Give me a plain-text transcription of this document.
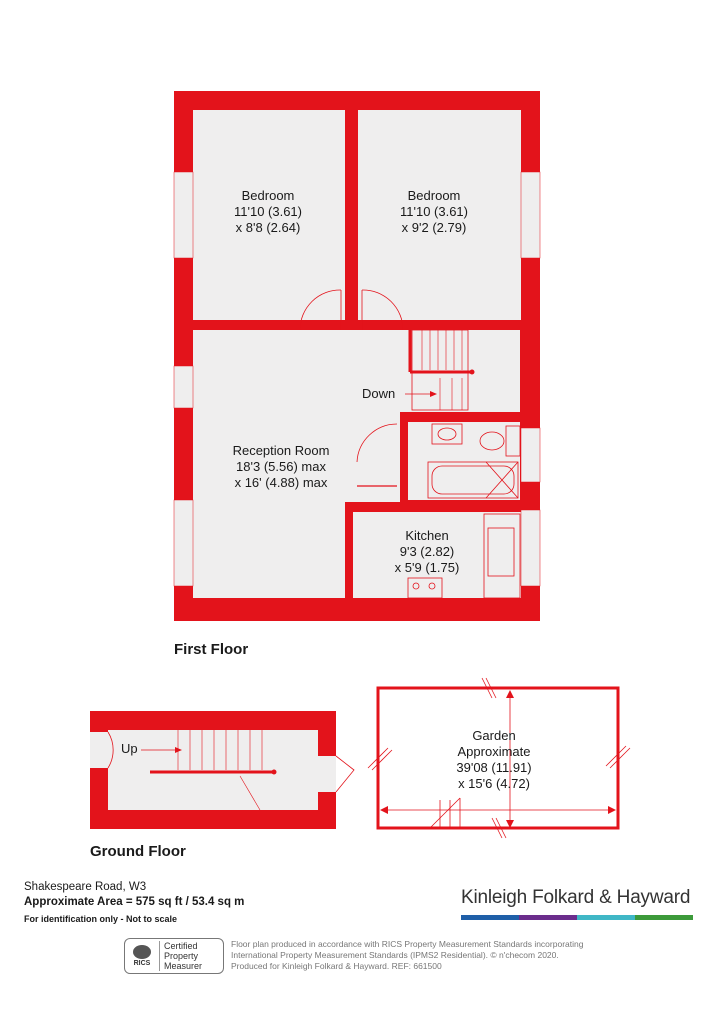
First Floor
Bedroom
11'10 (3.61)
x 8'8 (2.64)
Bedroom
11'10 (3.61)
x 9'2 (2.79)
Reception Room
18'3 (5.56) max
x 16' (4.88) max
Kitchen
9'3 (2.82)
x 5'9 (1.75)
Down
Up
Ground Floor
Garden
Approximate
39'08 (11.91)
x 15'6 (4.72)
Shakespeare Road, W3
Approximate Area = 575 sq ft / 53.4 sq m
For identification only - Not to scale
Kinleigh Folkard & Hayward
RICS
Certified
Property
Measurer
Floor plan produced in accordance with RICS Property Measurement Standards incorporating
International Property Measurement Standards (IPMS2 Residential). © n'checom 2020.
Produced for Kinleigh Folkard & Hayward. REF: 661500
